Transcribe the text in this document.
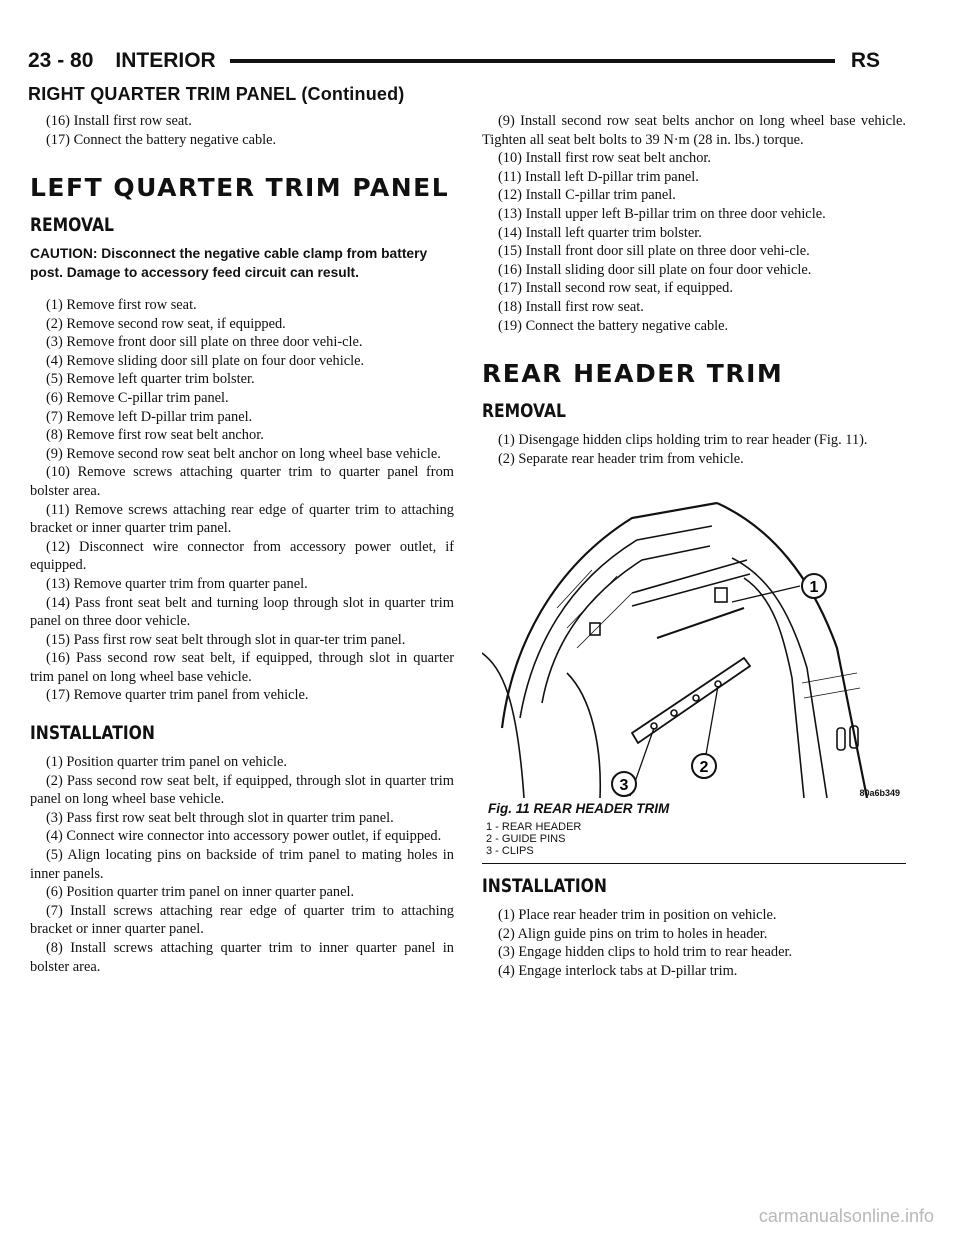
23 - 80 INTERIOR	RS
RIGHT QUARTER TRIM PANEL (Continued)

(16) Install first row seat.

(17) Connect the battery negative cable.

LEFT QUARTER TRIM PANEL
REMOVAL
CAUTION: Disconnect the negative cable clamp from battery post. Damage to accessory feed circuit can result.

(1) Remove first row seat.

(2) Remove second row seat, if equipped.

(3) Remove front door sill plate on three door vehi-cle.

(4) Remove sliding door sill plate on four door vehicle.

(5) Remove left quarter trim bolster.

(6) Remove C-pillar trim panel.

(7) Remove left D-pillar trim panel.

(8) Remove first row seat belt anchor.

(9) Remove second row seat belt anchor on long wheel base vehicle.

(10) Remove screws attaching quarter trim to quarter panel from bolster area.

(11) Remove screws attaching rear edge of quarter trim to attaching bracket or inner quarter trim panel.

(12) Disconnect wire connector from accessory power outlet, if equipped.

(13) Remove quarter trim from quarter panel.

(14) Pass front seat belt and turning loop through slot in quarter trim panel on three door vehicle.

(15) Pass first row seat belt through slot in quar-ter trim panel.

(16) Pass second row seat belt, if equipped, through slot in quarter trim panel on long wheel base vehicle.

(17) Remove quarter trim panel from vehicle.

INSTALLATION

(1) Position quarter trim panel on vehicle.

(2) Pass second row seat belt, if equipped, through slot in quarter trim panel on long wheel base vehicle.

(3) Pass first row seat belt through slot in quarter trim panel.

(4) Connect wire connector into accessory power outlet, if equipped.

(5) Align locating pins on backside of trim panel to mating holes in inner panels.

(6) Position quarter trim panel on inner quarter panel.

(7) Install screws attaching rear edge of quarter trim to attaching bracket or inner quarter panel.

(8) Install screws attaching quarter trim to inner quarter panel in bolster area.

(9) Install second row seat belts anchor on long wheel base vehicle. Tighten all seat belt bolts to 39 N·m (28 in. lbs.) torque.

(10) Install first row seat belt anchor.

(11) Install left D-pillar trim panel.

(12) Install C-pillar trim panel.

(13) Install upper left B-pillar trim on three door vehicle.

(14) Install left quarter trim bolster.

(15) Install front door sill plate on three door vehi-cle.

(16) Install sliding door sill plate on four door vehicle.

(17) Install second row seat, if equipped.

(18) Install first row seat.

(19) Connect the battery negative cable.

REAR HEADER TRIM
REMOVAL

(1) Disengage hidden clips holding trim to rear header (Fig. 11).

(2) Separate rear header trim from vehicle.

1
2
3	80a6b349
Fig. 11 REAR HEADER TRIM
1 - REAR HEADER
2 - GUIDE PINS
3 - CLIPS
INSTALLATION

(1) Place rear header trim in position on vehicle.

(2) Align guide pins on trim to holes in header.

(3) Engage hidden clips to hold trim to rear header.

(4) Engage interlock tabs at D-pillar trim.

carmanualsonline.info
